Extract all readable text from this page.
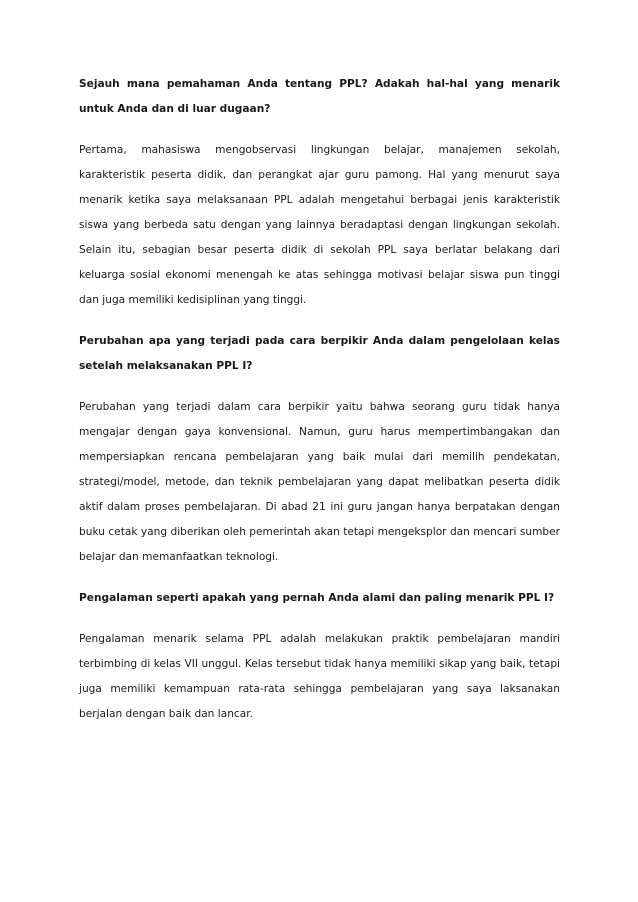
Sejauh mana pemahaman Anda tentang PPL? Adakah hal-hal yang menarik untuk Anda dan di luar dugaan?

Pertama, mahasiswa mengobservasi lingkungan belajar, manajemen sekolah, karakteristik peserta didik, dan perangkat ajar guru pamong. Hal yang menurut saya menarik ketika saya melaksanaan PPL adalah mengetahui berbagai jenis karakteristik siswa yang berbeda satu dengan yang lainnya beradaptasi dengan lingkungan sekolah. Selain itu, sebagian besar peserta didik di sekolah PPL saya berlatar belakang dari keluarga sosial ekonomi menengah ke atas sehingga motivasi belajar siswa pun tinggi dan juga memiliki kedisiplinan yang tinggi.

Perubahan apa yang terjadi pada cara berpikir Anda dalam pengelolaan kelas setelah melaksanakan PPL I?

Perubahan yang terjadi dalam cara berpikir yaitu bahwa seorang guru tidak hanya mengajar dengan gaya konvensional. Namun, guru harus mempertimbangakan dan mempersiapkan rencana pembelajaran yang baik mulai dari memilih pendekatan, strategi/model, metode, dan teknik pembelajaran yang dapat melibatkan peserta didik aktif dalam proses pembelajaran. Di abad 21 ini guru jangan hanya berpatakan dengan buku cetak yang diberikan oleh pemerintah akan tetapi mengeksplor dan mencari sumber belajar dan memanfaatkan teknologi.

Pengalaman seperti apakah yang pernah Anda alami dan paling menarik PPL I?

Pengalaman menarik selama PPL adalah melakukan praktik pembelajaran mandiri terbimbing di kelas VII unggul. Kelas tersebut tidak hanya memiliki sikap yang baik, tetapi juga memiliki kemampuan rata-rata sehingga pembelajaran yang saya laksanakan berjalan dengan baik dan lancar.
